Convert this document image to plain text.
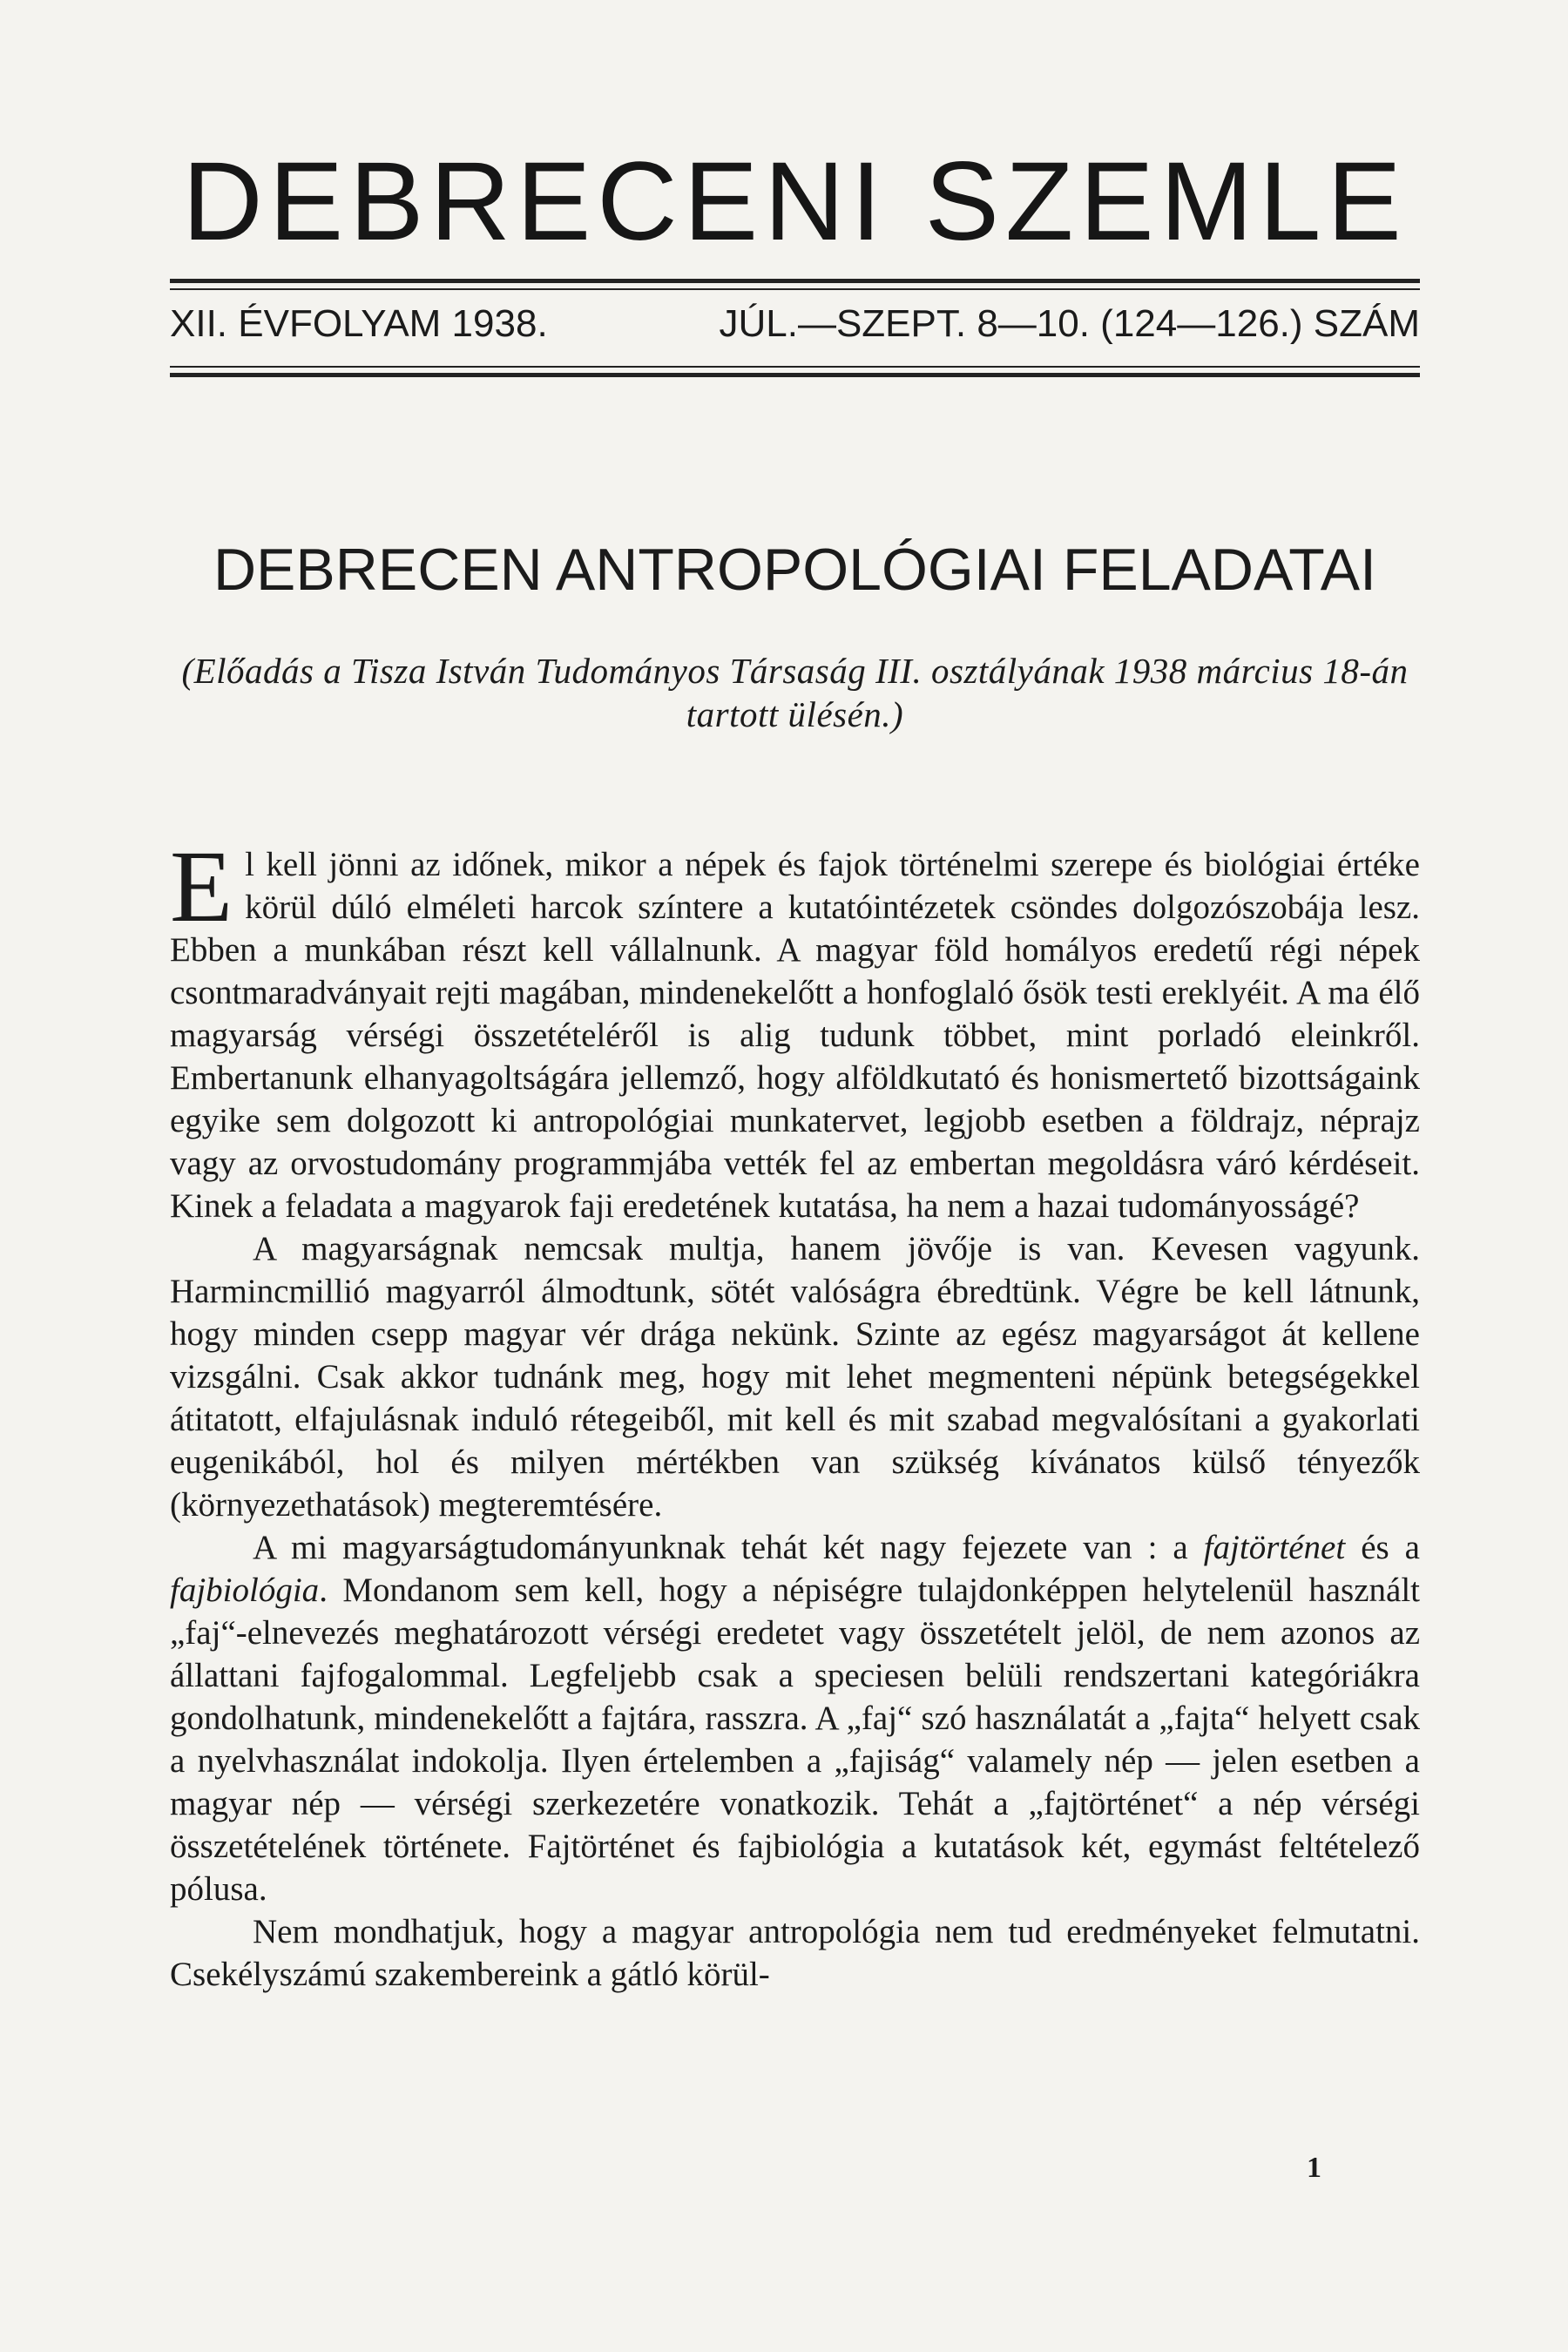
DEBRECENI SZEMLE
XII. ÉVFOLYAM 1938.	JÚL.—SZEPT. 8—10. (124—126.) SZÁM
DEBRECEN ANTROPOLÓGIAI FELADATAI
(Előadás a Tisza István Tudományos Társaság III. osztályának 1938 március 18-án tartott ülésén.)

El kell jönni az időnek, mikor a népek és fajok történelmi szerepe és biológiai értéke körül dúló elméleti harcok színtere a kutatóintézetek csöndes dolgozószobája lesz. Ebben a munkában részt kell vállalnunk. A magyar föld homályos eredetű régi népek csontmaradványait rejti magában, mindenekelőtt a honfoglaló ősök testi ereklyéit. A ma élő magyarság vérségi összetételéről is alig tudunk többet, mint porladó eleinkről. Embertanunk elhanyagoltságára jellemző, hogy alföldkutató és honismertető bizottságaink egyike sem dolgozott ki antropológiai munkatervet, legjobb esetben a földrajz, néprajz vagy az orvostudomány programmjába vették fel az embertan megoldásra váró kérdéseit. Kinek a feladata a magyarok faji eredetének kutatása, ha nem a hazai tudományosságé?

A magyarságnak nemcsak multja, hanem jövője is van. Kevesen vagyunk. Harmincmillió magyarról álmodtunk, sötét valóságra ébredtünk. Végre be kell látnunk, hogy minden csepp magyar vér drága nekünk. Szinte az egész magyarságot át kellene vizsgálni. Csak akkor tudnánk meg, hogy mit lehet megmenteni népünk betegségekkel átitatott, elfajulásnak induló rétegeiből, mit kell és mit szabad megvalósítani a gyakorlati eugenikából, hol és milyen mértékben van szükség kívánatos külső tényezők (környezethatások) megteremtésére.

A mi magyarságtudományunknak tehát két nagy fejezete van : a fajtörténet és a fajbiológia. Mondanom sem kell, hogy a népiségre tulajdonképpen helytelenül használt „faj“-elnevezés meghatározott vérségi eredetet vagy összetételt jelöl, de nem azonos az állattani fajfogalommal. Legfeljebb csak a speciesen belüli rendszertani kategóriákra gondolhatunk, mindenekelőtt a fajtára, rasszra. A „faj“ szó használatát a „fajta“ helyett csak a nyelvhasználat indokolja. Ilyen értelemben a „fajiság“ valamely nép — jelen esetben a magyar nép — vérségi szerkezetére vonatkozik. Tehát a „fajtörténet“ a nép vérségi összetételének története. Fajtörténet és fajbiológia a kutatások két, egymást feltételező pólusa.

Nem mondhatjuk, hogy a magyar antropológia nem tud eredményeket felmutatni. Csekélyszámú szakembereink a gátló körül-

1
